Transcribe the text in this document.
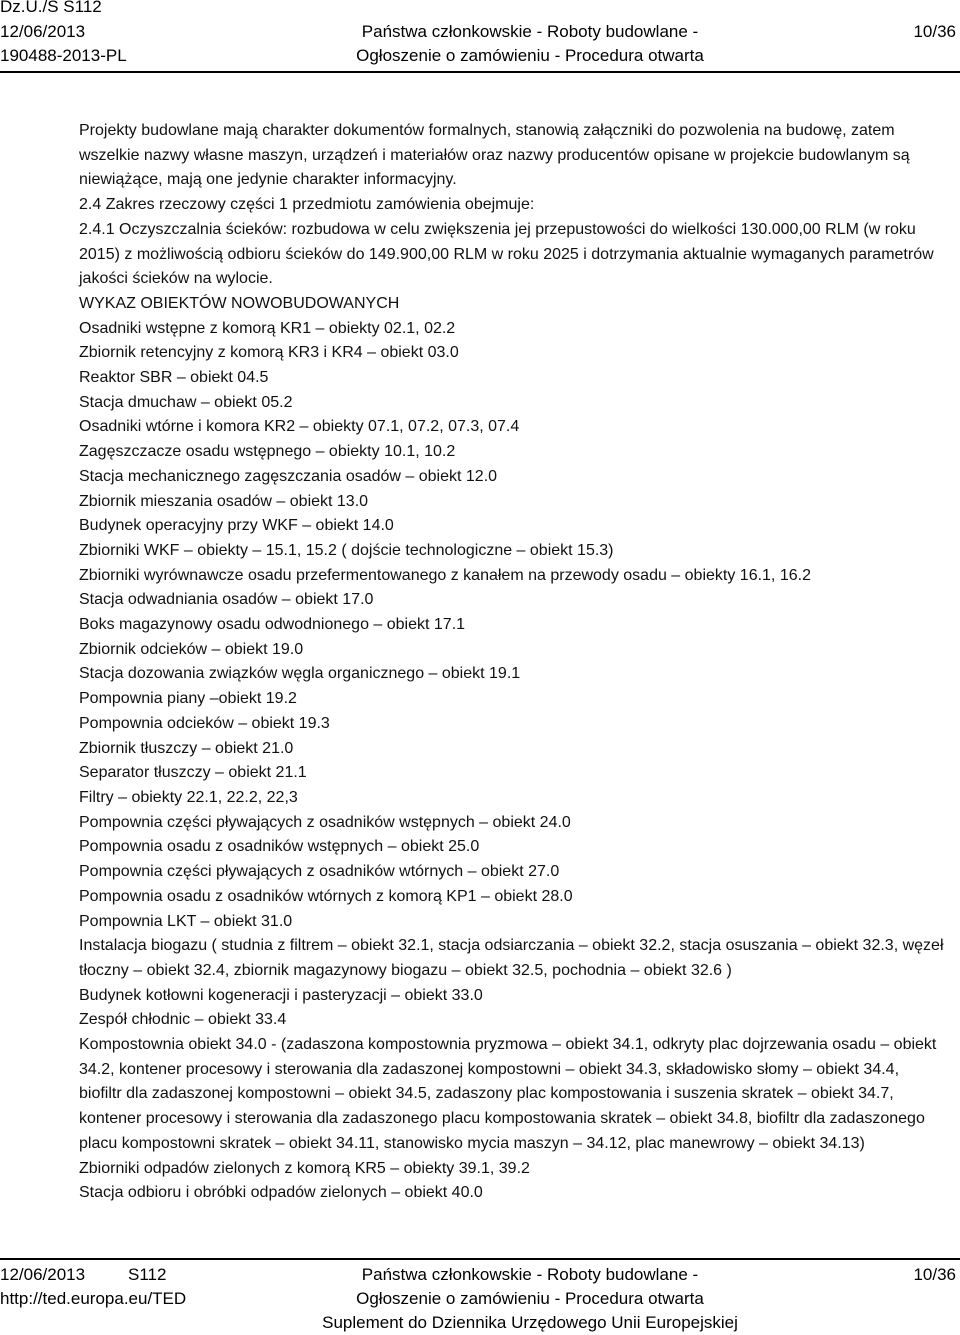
Dz.U./S S112
12/06/2013
190488-2013-PL
Państwa członkowskie - Roboty budowlane -
Ogłoszenie o zamówieniu - Procedura otwarta
10/36
Projekty budowlane mają charakter dokumentów formalnych, stanowią załączniki do pozwolenia na budowę, zatem wszelkie nazwy własne maszyn, urządzeń i materiałów oraz nazwy producentów opisane w projekcie budowlanym są niewiążące, mają one jedynie charakter informacyjny.
2.4 Zakres rzeczowy części 1 przedmiotu zamówienia obejmuje:
2.4.1 Oczyszczalnia ścieków: rozbudowa w celu zwiększenia jej przepustowości do wielkości 130.000,00 RLM (w roku 2015) z możliwością odbioru ścieków do 149.900,00 RLM w roku 2025 i dotrzymania aktualnie wymaganych parametrów jakości ścieków na wylocie.
WYKAZ OBIEKTÓW NOWOBUDOWANYCH
Osadniki wstępne z komorą KR1 – obiekty 02.1, 02.2
Zbiornik retencyjny z komorą KR3 i KR4 – obiekt 03.0
Reaktor SBR – obiekt 04.5
Stacja dmuchaw – obiekt 05.2
Osadniki wtórne i komora KR2 – obiekty 07.1, 07.2, 07.3, 07.4
Zagęszczacze osadu wstępnego – obiekty 10.1, 10.2
Stacja mechanicznego zagęszczania osadów – obiekt 12.0
Zbiornik mieszania osadów – obiekt 13.0
Budynek operacyjny przy WKF – obiekt 14.0
Zbiorniki WKF – obiekty – 15.1, 15.2 ( dojście technologiczne – obiekt 15.3)
Zbiorniki wyrównawcze osadu przefermentowanego z kanałem na przewody osadu – obiekty 16.1, 16.2
Stacja odwadniania osadów – obiekt 17.0
Boks magazynowy osadu odwodnionego – obiekt 17.1
Zbiornik odcieków – obiekt 19.0
Stacja dozowania związków węgla organicznego – obiekt 19.1
Pompownia piany –obiekt 19.2
Pompownia odcieków – obiekt 19.3
Zbiornik tłuszczy – obiekt 21.0
Separator tłuszczy – obiekt 21.1
Filtry – obiekty 22.1, 22.2, 22,3
Pompownia części pływających z osadników wstępnych – obiekt 24.0
Pompownia osadu z osadników wstępnych – obiekt 25.0
Pompownia części pływających z osadników wtórnych – obiekt 27.0
Pompownia osadu z osadników wtórnych z komorą KP1 – obiekt 28.0
Pompownia LKT – obiekt 31.0
Instalacja biogazu ( studnia z filtrem – obiekt 32.1, stacja odsiarczania – obiekt 32.2, stacja osuszania – obiekt 32.3, węzeł tłoczny – obiekt 32.4, zbiornik magazynowy biogazu – obiekt 32.5, pochodnia – obiekt 32.6 )
Budynek kotłowni kogeneracji i pasteryzacji – obiekt 33.0
Zespół chłodnic – obiekt 33.4
Kompostownia obiekt 34.0 - (zadaszona kompostownia pryzmowa – obiekt 34.1, odkryty plac dojrzewania osadu – obiekt 34.2, kontener procesowy i sterowania dla zadaszonej kompostowni – obiekt 34.3, składowisko słomy – obiekt 34.4, biofiltr dla zadaszonej kompostowni – obiekt 34.5, zadaszony plac kompostowania i suszenia skratek – obiekt 34.7, kontener procesowy i sterowania dla zadaszonego placu kompostowania skratek – obiekt 34.8, biofiltr dla zadaszonego placu kompostowni skratek – obiekt 34.11, stanowisko mycia maszyn – 34.12, plac manewrowy – obiekt 34.13)
Zbiorniki odpadów zielonych z komorą KR5 – obiekty 39.1, 39.2
Stacja odbioru i obróbki odpadów zielonych – obiekt 40.0
12/06/2013	S112
http://ted.europa.eu/TED
Państwa członkowskie - Roboty budowlane -
Ogłoszenie o zamówieniu - Procedura otwarta
Suplement do Dziennika Urzędowego Unii Europejskiej
10/36
